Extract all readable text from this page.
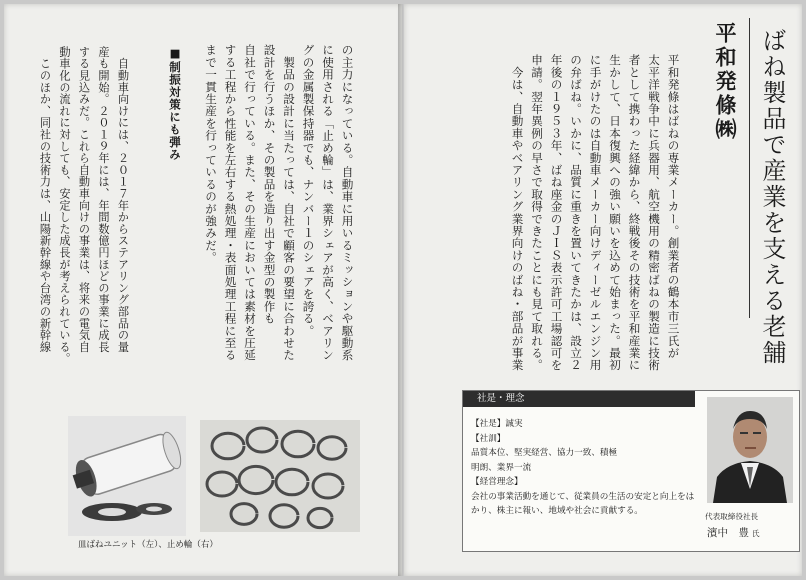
の主力になっている。自動車に用いるミッションや駆動系
に使用される「止め輪」は、業界シェアが高く、ベアリン
グの金属製保持器でも、ナンバー１のシェアを誇る。
　製品の設計に当たっては、自社で顧客の要望に合わせた
設計を行うほか、その製品を造り出す金型の製作も
自社で行っている。また、その生産においては素材を圧延
する工程から性能を左右する熱処理・表面処理工程に至る
まで一貫生産を行っているのが強みだ。

■制振対策にも弾み

　自動車向けには、２０１７年からステアリング部品の量
産も開始。２０１９年には、年間数億円ほどの事業に成長
する見込みだ。これら自動車向けの事業は、将来の電気自
動車化の流れに対しても、安定した成長が考えられている。
　このほか、同社の技術力は、山陽新幹線や台湾の新幹線

皿ばねユニット（左）、止め輪（右）
ばね製品で産業を支える老舗
平和発條㈱

平和発條はばねの専業メーカー。創業者の鶴本市三氏が
太平洋戦争中に兵器用、航空機用の精密ばねの製造に技術
者として携わった経緯から、終戦後その技術を平和産業に
生かして、日本復興への強い願いを込めて始まった。最初
に手がけたのは自動車メーカー向けディーゼルエンジン用
の弁ばね。いかに、品質に重きを置いてきたかは、設立２
年後の１９５３年、ばね座金のＪＩＳ表示許可工場認可を
申請。翌年異例の早さで取得できたことにも見て取れる。
　今は、自動車やベアリング業界向けのばね・部品が事業

社是・理念
【社是】誠実
【社訓】
品質本位、堅実経営、協力一致、積極明朗、業界一流
【経営理念】
会社の事業活動を通じて、従業員の生活の安定と向上をはかり、株主に報い、地域や社会に貢献する。
代表取締役社長
濱中　豊 氏
